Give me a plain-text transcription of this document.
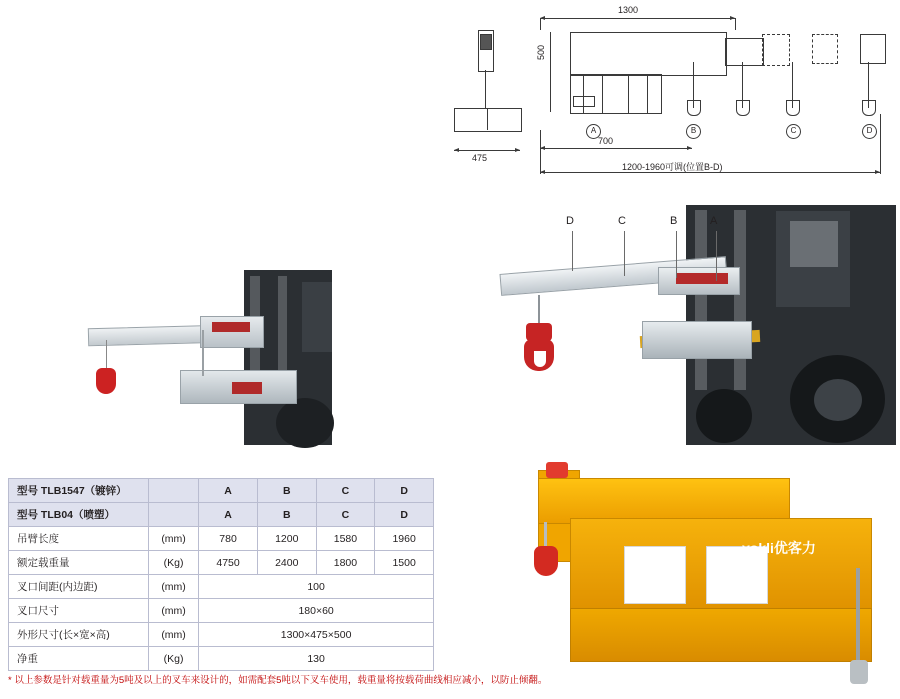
1300
500
475
A	B	C	D
700
1200-1960可调(位置B-D)
D	C	B	A
yokli优客力
型号 TLB1547（镀锌）		A	B	C	D
型号 TLB04（喷塑）		A	B	C	D
吊臂长度	(mm)	780	1200	1580	1960
额定载重量	(Kg)	4750	2400	1800	1500
叉口间距(内边距)	(mm)	100			
叉口尺寸	(mm)	180×60			
外形尺寸(长×宽×高)	(mm)	1300×475×500			
净重	(Kg)	130			
* 以上参数是针对载重量为5吨及以上的叉车来设计的，如需配套5吨以下叉车使用，载重量将按载荷曲线相应减小，以防止倾翻。
